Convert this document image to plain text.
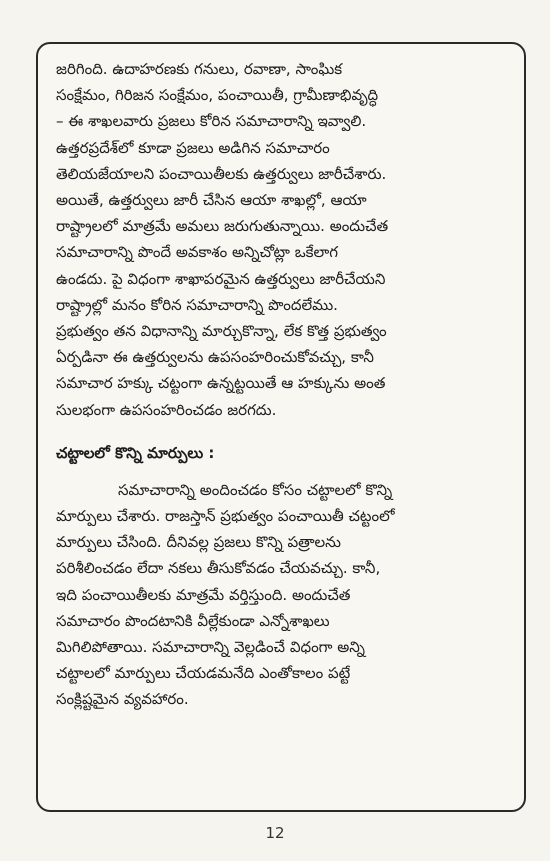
జరిగింది. ఉదాహరణకు గనులు, రవాణా, సాంఘిక

సంక్షేమం, గిరిజన సంక్షేమం, పంచాయితీ, గ్రామీణాభివృద్ధి

– ఈ శాఖలవారు ప్రజలు కోరిన సమాచారాన్ని ఇవ్వాలి.

ఉత్తరప్రదేశ్‌లో కూడా ప్రజలు అడిగిన సమాచారం

తెలియజేయాలని పంచాయితీలకు ఉత్తర్వులు జారీచేశారు.

అయితే, ఉత్తర్వులు జారీ చేసిన ఆయా శాఖల్లో, ఆయా

రాష్ట్రాలలో మాత్రమే అమలు జరుగుతున్నాయి. అందుచేత

సమాచారాన్ని పొందే అవకాశం అన్నిచోట్లా ఒకేలాగ

ఉండదు. పై విధంగా శాఖాపరమైన ఉత్తర్వులు జారీచేయని

రాష్ట్రాల్లో మనం కోరిన సమాచారాన్ని పొందలేము.

ప్రభుత్వం తన విధానాన్ని మార్చుకొన్నా, లేక కొత్త ప్రభుత్వం

ఏర్పడినా ఈ ఉత్తర్వులను ఉపసంహరించుకోవచ్చు, కానీ

సమాచార హక్కు చట్టంగా ఉన్నట్టయితే ఆ హక్కును అంత

సులభంగా ఉపసంహరించడం జరగదు.

చట్టాలలో కొన్ని మార్పులు :

సమాచారాన్ని అందించడం కోసం చట్టాలలో కొన్ని

మార్పులు చేశారు. రాజస్తాన్ ప్రభుత్వం పంచాయితీ చట్టంలో

మార్పులు చేసింది. దీనివల్ల ప్రజలు కొన్ని పత్రాలను

పరిశీలించడం లేదా నకలు తీసుకోవడం చేయవచ్చు. కానీ,

ఇది పంచాయితీలకు మాత్రమే వర్తిస్తుంది. అందుచేత

సమాచారం పొందటానికి వీల్లేకుండా ఎన్నోశాఖలు

మిగిలిపోతాయి. సమాచారాన్ని వెల్లడించే విధంగా అన్ని

చట్టాలలో మార్పులు చేయడమనేది ఎంతోకాలం పట్టే

సంక్లిష్టమైన వ్యవహారం.

12
